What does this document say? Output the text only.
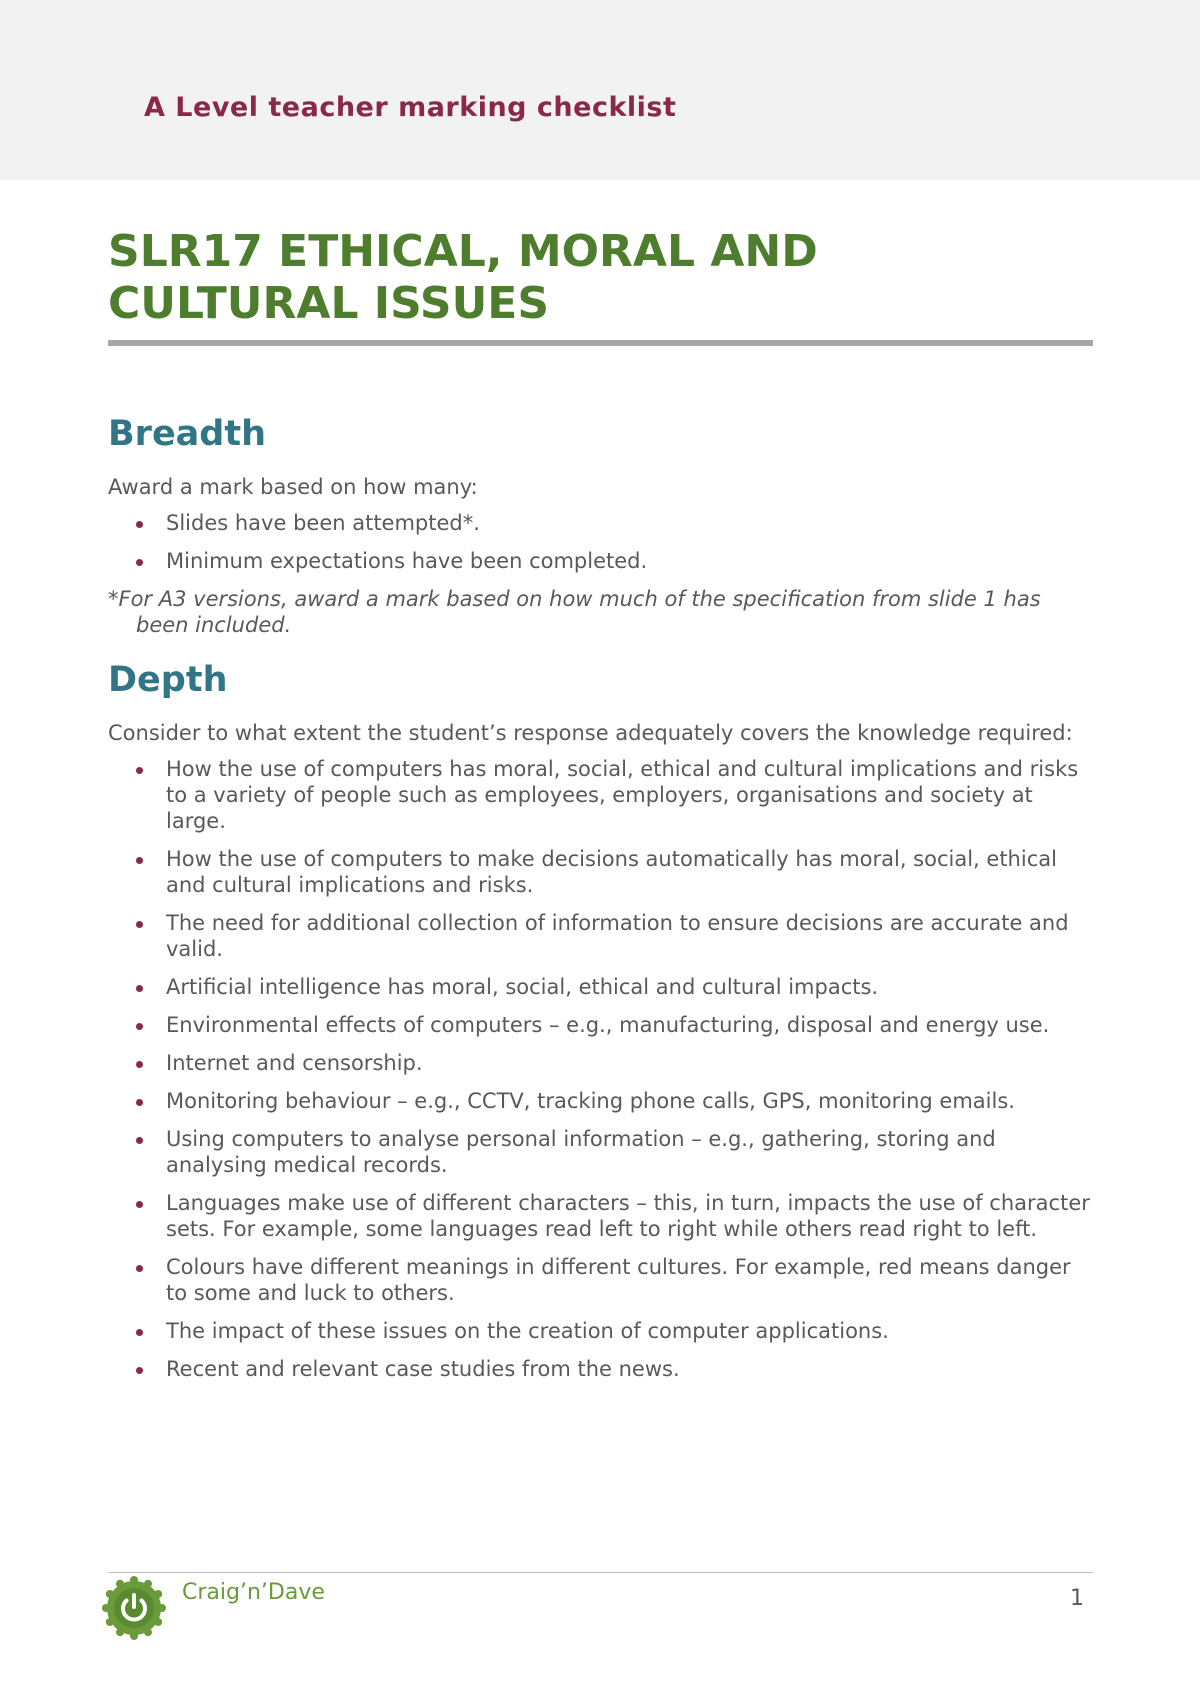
A Level teacher marking checklist
SLR17 ETHICAL, MORAL AND
CULTURAL ISSUES
Breadth

Award a mark based on how many:

Slides have been attempted*.
Minimum expectations have been completed.

*For A3 versions, award a mark based on how much of the specification from slide 1 has been included.

Depth

Consider to what extent the student’s response adequately covers the knowledge required:

How the use of computers has moral, social, ethical and cultural implications and risks to a variety of people such as employees, employers, organisations and society at large.
How the use of computers to make decisions automatically has moral, social, ethical and cultural implications and risks.
The need for additional collection of information to ensure decisions are accurate and valid.
Artificial intelligence has moral, social, ethical and cultural impacts.
Environmental effects of computers – e.g., manufacturing, disposal and energy use.
Internet and censorship.
Monitoring behaviour – e.g., CCTV, tracking phone calls, GPS, monitoring emails.
Using computers to analyse personal information – e.g., gathering, storing and analysing medical records.
Languages make use of different characters – this, in turn, impacts the use of character sets. For example, some languages read left to right while others read right to left.
Colours have different meanings in different cultures. For example, red means danger to some and luck to others.
The impact of these issues on the creation of computer applications.
Recent and relevant case studies from the news.
Craig’n’Dave	1
